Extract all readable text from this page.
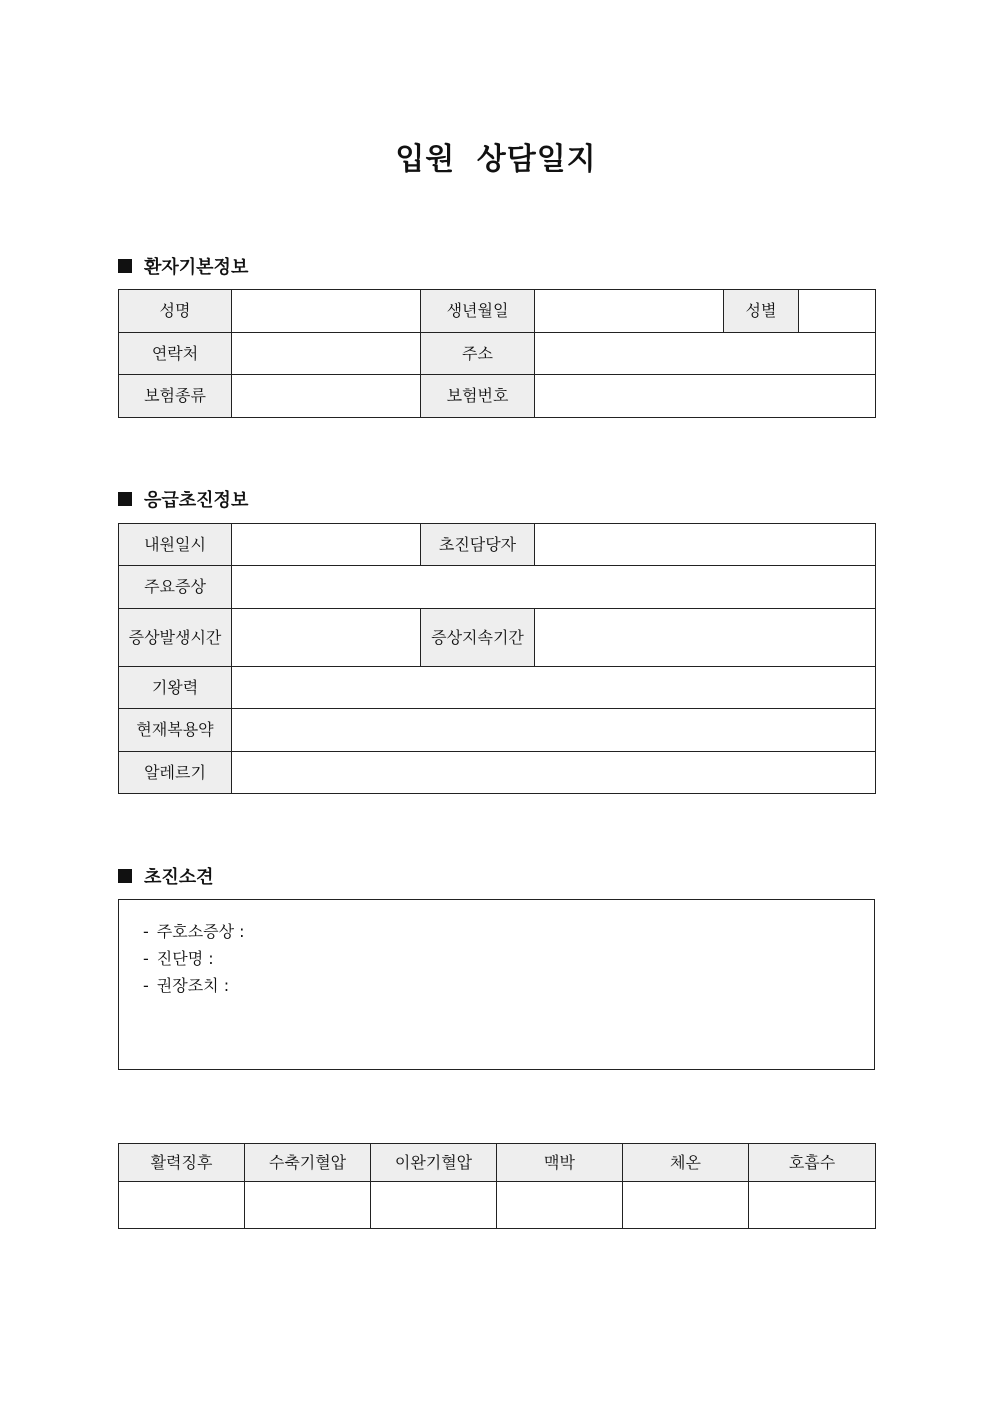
입원 상담일지
환자기본정보
성명		생년월일		성별	
연락처		주소			
보험종류		보험번호			
응급초진정보
내원일시		초진담당자	
주요증상			
증상발생시간		증상지속기간	
기왕력			
현재복용약			
알레르기			
초진소견
- 주호소증상 :
- 진단명 :
- 권장조치 :
활력징후	수축기혈압	이완기혈압	맥박	체온	호흡수
